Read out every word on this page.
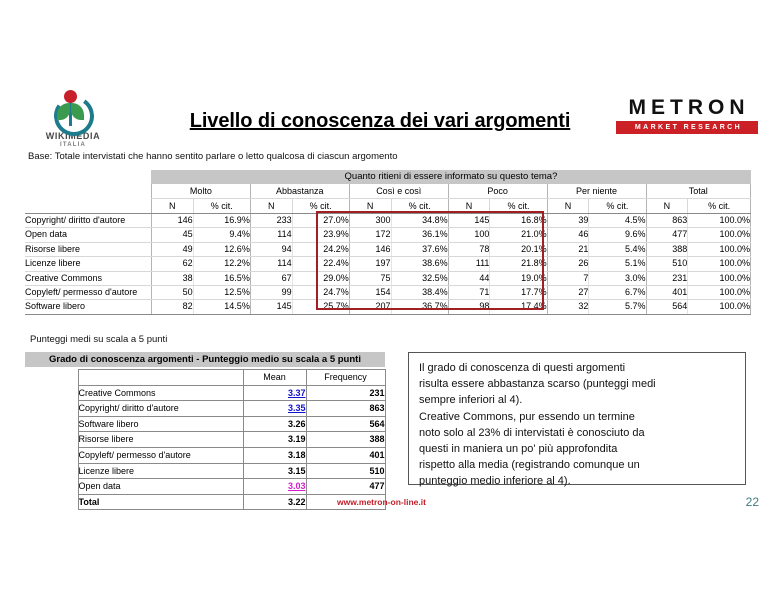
WIKIMEDIA
ITALIA
Livello di conoscenza dei vari argomenti
METRON
MARKET RESEARCH
Base: Totale intervistati che hanno sentito parlare o letto qualcosa di ciascun argomento
	Quanto ritieni di essere informato su questo tema?											
	Molto		Abbastanza		Così e così		Poco		Per niente		Total	
	N	% cit.	N	% cit.	N	% cit.	N	% cit.	N	% cit.	N	% cit.
Copyright/ diritto d'autore	146	16.9%	233	27.0%	300	34.8%	145	16.8%	39	4.5%	863	100.0%
Open data	45	9.4%	114	23.9%	172	36.1%	100	21.0%	46	9.6%	477	100.0%
Risorse libere	49	12.6%	94	24.2%	146	37.6%	78	20.1%	21	5.4%	388	100.0%
Licenze libere	62	12.2%	114	22.4%	197	38.6%	111	21.8%	26	5.1%	510	100.0%
Creative Commons	38	16.5%	67	29.0%	75	32.5%	44	19.0%	7	3.0%	231	100.0%
Copyleft/ permesso d'autore	50	12.5%	99	24.7%	154	38.4%	71	17.7%	27	6.7%	401	100.0%
Software libero	82	14.5%	145	25.7%	207	36.7%	98	17.4%	32	5.7%	564	100.0%
Punteggi medi su scala a 5 punti
Grado di conoscenza argomenti - Punteggio medio su scala a 5 punti
		Mean	Frequency
	Creative Commons	3.37	231
	Copyright/ diritto d'autore	3.35	863
	Software libero	3.26	564
	Risorse libere	3.19	388
	Copyleft/ permesso d'autore	3.18	401
	Licenze libere	3.15	510
	Open data	3.03	477
	Total	3.22	

Il grado di conoscenza di questi argomenti

risulta essere abbastanza scarso (punteggi medi

sempre inferiori al 4).

Creative Commons, pur essendo un termine

noto solo al 23% di intervistati è conosciuto da

questi in maniera un po' più approfondita

rispetto alla media (registrando comunque un

punteggio medio inferiore al 4).

www.metron-on-line.it	22
